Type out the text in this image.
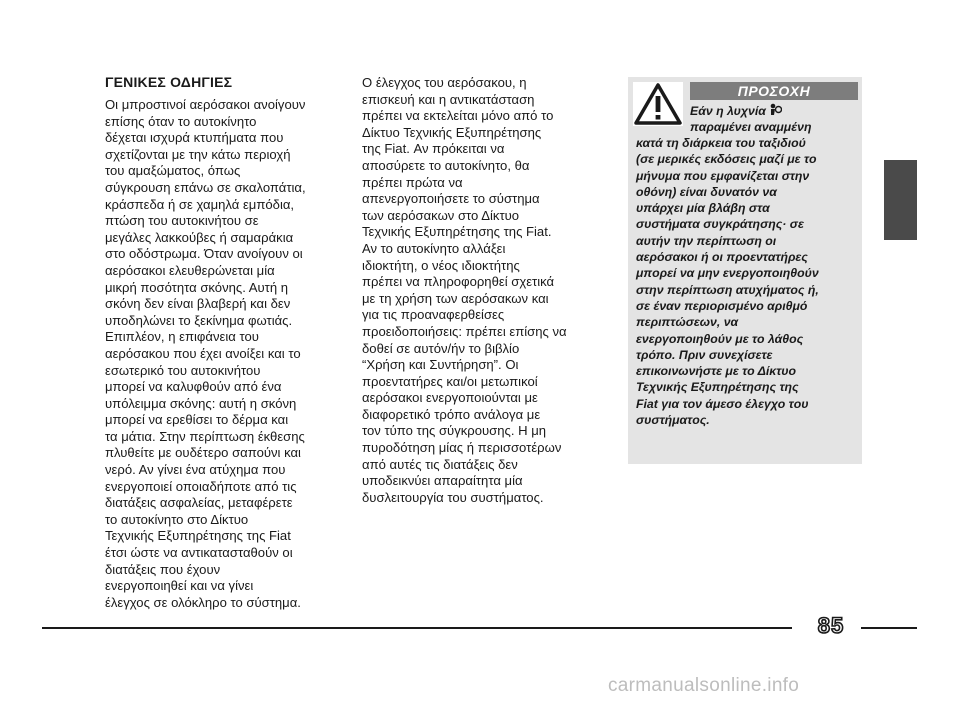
ΓΕΝΙΚΕΣ ΟΔΗΓΙΕΣ
Οι μπροστινοί αερόσακοι ανοίγουν
επίσης όταν το αυτοκίνητο
δέχεται ισχυρά κτυπήματα που
σχετίζονται με την κάτω περιοχή
του αμαξώματος, όπως
σύγκρουση επάνω σε σκαλοπάτια,
κράσπεδα ή σε χαμηλά εμπόδια,
πτώση του αυτοκινήτου σε
μεγάλες λακκούβες ή σαμαράκια
στο οδόστρωμα. Όταν ανοίγουν οι
αερόσακοι ελευθερώνεται μία
μικρή ποσότητα σκόνης. Αυτή η
σκόνη δεν είναι βλαβερή και δεν
υποδηλώνει το ξεκίνημα φωτιάς.
Επιπλέον, η επιφάνεια του
αερόσακου που έχει ανοίξει και το
εσωτερικό του αυτοκινήτου
μπορεί να καλυφθούν από ένα
υπόλειμμα σκόνης: αυτή η σκόνη
μπορεί να ερεθίσει το δέρμα και
τα μάτια. Στην περίπτωση έκθεσης
πλυθείτε με ουδέτερο σαπούνι και
νερό. Αν γίνει ένα ατύχημα που
ενεργοποιεί οποιαδήποτε από τις
διατάξεις ασφαλείας, μεταφέρετε
το αυτοκίνητο στο Δίκτυο
Τεχνικής Εξυπηρέτησης της Fiat
έτσι ώστε να αντικατασταθούν οι
διατάξεις που έχουν
ενεργοποιηθεί και να γίνει
έλεγχος σε ολόκληρο το σύστημα.
Ο έλεγχος του αερόσακου, η
επισκευή και η αντικατάσταση
πρέπει να εκτελείται μόνο από το
Δίκτυο Τεχνικής Εξυπηρέτησης
της Fiat. Αν πρόκειται να
αποσύρετε το αυτοκίνητο, θα
πρέπει πρώτα να
απενεργοποιήσετε το σύστημα
των αερόσακων στο Δίκτυο
Τεχνικής Εξυπηρέτησης της Fiat.
Αν το αυτοκίνητο αλλάξει
ιδιοκτήτη, ο νέος ιδιοκτήτης
πρέπει να πληροφορηθεί σχετικά
με τη χρήση των αερόσακων και
για τις προαναφερθείσες
προειδοποιήσεις: πρέπει επίσης να
δοθεί σε αυτόν/ήν το βιβλίο
“Χρήση και Συντήρηση”. Οι
προεντατήρες και/οι μετωπικοί
αερόσακοι ενεργοποιούνται με
διαφορετικό τρόπο ανάλογα με
τον τύπο της σύγκρουσης. Η μη
πυροδότηση μίας ή περισσοτέρων
από αυτές τις διατάξεις δεν
υποδεικνύει απαραίτητα μία
δυσλειτουργία του συστήματος.
ΠΡΟΣΟΧΗ
Εάν η λυχνία
παραμένει αναμμένη
κατά τη διάρκεια του ταξιδιού
(σε μερικές εκδόσεις μαζί με το
μήνυμα που εμφανίζεται στην
οθόνη) είναι δυνατόν να
υπάρχει μία βλάβη στα
συστήματα συγκράτησης· σε
αυτήν την περίπτωση οι
αερόσακοι ή οι προεντατήρες
μπορεί να μην ενεργοποιηθούν
στην περίπτωση ατυχήματος ή,
σε έναν περιορισμένο αριθμό
περιπτώσεων, να
ενεργοποιηθούν με το λάθος
τρόπο. Πριν συνεχίσετε
επικοινωνήστε με το Δίκτυο
Τεχνικής Εξυπηρέτησης της
Fiat για τον άμεσο έλεγχο του
συστήματος.
85
carmanualsonline.info
